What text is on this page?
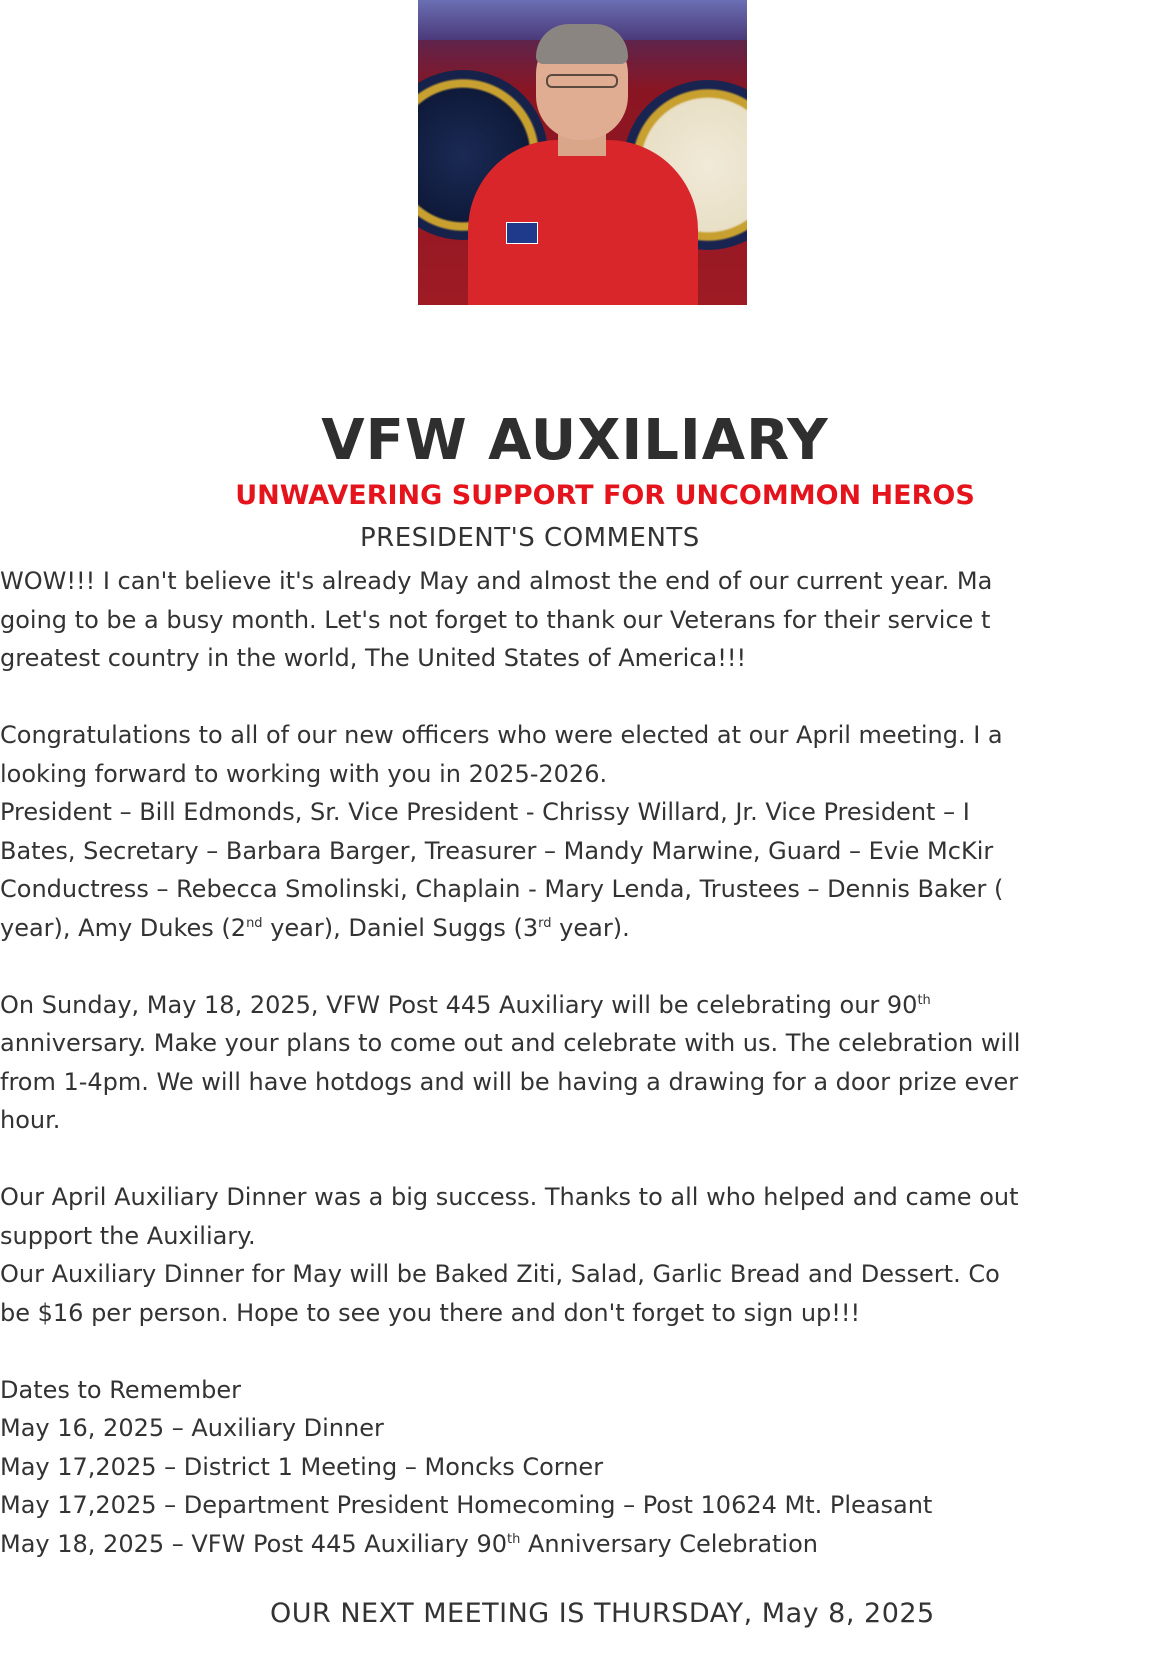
VFW AUXILIARY
UNWAVERING SUPPORT FOR UNCOMMON HEROS
PRESIDENT'S COMMENTS
WOW!!! I can't believe it's already May and almost the end of our current year. Ma
going to be a busy month. Let's not forget to thank our Veterans for their service t
greatest country in the world, The United States of America!!!
Congratulations to all of our new officers who were elected at our April meeting. I a
looking forward to working with you in 2025-2026.
President – Bill Edmonds, Sr. Vice President - Chrissy Willard, Jr. Vice President – I
Bates, Secretary – Barbara Barger, Treasurer – Mandy Marwine, Guard – Evie McKir
Conductress – Rebecca Smolinski, Chaplain - Mary Lenda, Trustees – Dennis Baker (
year), Amy Dukes (2nd year), Daniel Suggs (3rd year).
On Sunday, May 18, 2025, VFW Post 445 Auxiliary will be celebrating our 90th
anniversary. Make your plans to come out and celebrate with us. The celebration will
from 1-4pm. We will have hotdogs and will be having a drawing for a door prize ever
hour.
Our April Auxiliary Dinner was a big success. Thanks to all who helped and came out
support the Auxiliary.
Our Auxiliary Dinner for May will be Baked Ziti, Salad, Garlic Bread and Dessert. Co
be $16 per person. Hope to see you there and don't forget to sign up!!!
Dates to Remember
May 16, 2025 – Auxiliary Dinner
May 17,2025 – District 1 Meeting – Moncks Corner
May 17,2025 – Department President Homecoming – Post 10624 Mt. Pleasant
May 18, 2025 – VFW Post 445 Auxiliary 90th Anniversary Celebration
OUR NEXT MEETING IS THURSDAY, May 8, 2025
